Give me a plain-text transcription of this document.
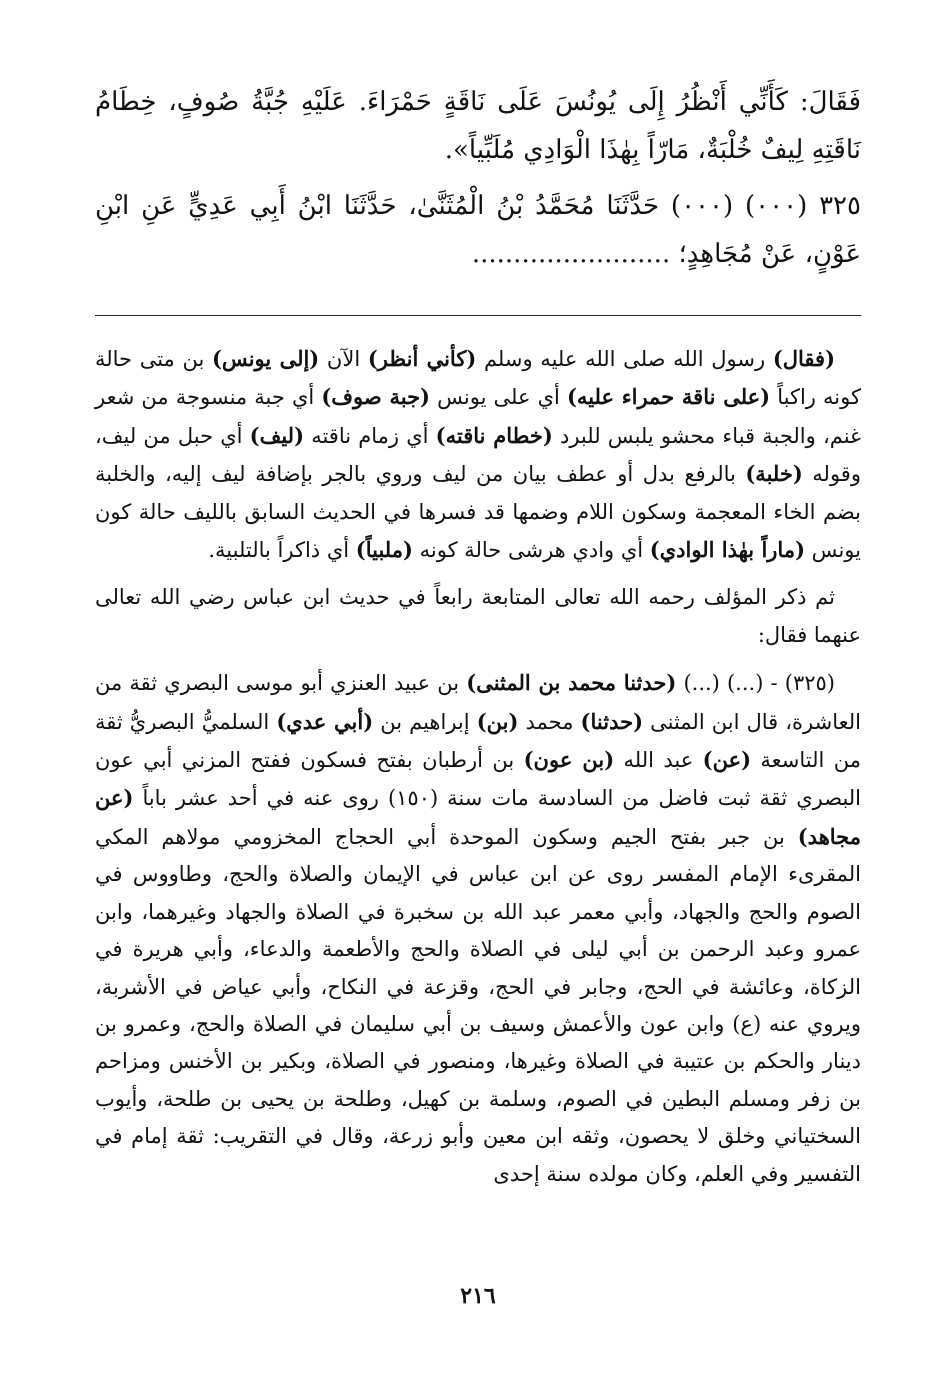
فَقَالَ: كَأَنِّي أَنْظُرُ إِلَى يُونُسَ عَلَى نَاقَةٍ حَمْرَاءَ. عَلَيْهِ جُبَّةُ صُوفٍ، خِطَامُ نَاقَتِهِ لِيفٌ خُلْبَةٌ، مَارّاً بِهٰذَا الْوَادِي مُلَبِّياً».

٣٢٥ (٠٠٠) (٠٠٠) حَدَّثَنَا مُحَمَّدُ بْنُ الْمُثَنَّىٰ، حَدَّثَنَا ابْنُ أَبِي عَدِيٍّ عَنِ ابْنِ عَوْنٍ، عَنْ مُجَاهِدٍ؛ ........................

(فقال) رسول الله صلى الله عليه وسلم (كأني أنظر) الآن (إلى يونس) بن متى حالة كونه راكباً (على ناقة حمراء عليه) أي على يونس (جبة صوف) أي جبة منسوجة من شعر غنم، والجبة قباء محشو يلبس للبرد (خطام ناقته) أي زمام ناقته (ليف) أي حبل من ليف، وقوله (خلبة) بالرفع بدل أو عطف بيان من ليف وروي بالجر بإضافة ليف إليه، والخلبة بضم الخاء المعجمة وسكون اللام وضمها قد فسرها في الحديث السابق بالليف حالة كون يونس (ماراً بهٰذا الوادي) أي وادي هرشى حالة كونه (ملبياً) أي ذاكراً بالتلبية.

ثم ذكر المؤلف رحمه الله تعالى المتابعة رابعاً في حديث ابن عباس رضي الله تعالى عنهما فقال:

(٣٢٥) - (...) (...) (حدثنا محمد بن المثنى) بن عبيد العنزي أبو موسى البصري ثقة من العاشرة، قال ابن المثنى (حدثنا) محمد (بن) إبراهيم بن (أبي عدي) السلميُّ البصريُّ ثقة من التاسعة (عن) عبد الله (بن عون) بن أرطبان بفتح فسكون ففتح المزني أبي عون البصري ثقة ثبت فاضل من السادسة مات سنة (١٥٠) روى عنه في أحد عشر باباً (عن مجاهد) بن جبر بفتح الجيم وسكون الموحدة أبي الحجاج المخزومي مولاهم المكي المقرىء الإمام المفسر روى عن ابن عباس في الإيمان والصلاة والحج، وطاووس في الصوم والحج والجهاد، وأبي معمر عبد الله بن سخبرة في الصلاة والجهاد وغيرهما، وابن عمرو وعبد الرحمن بن أبي ليلى في الصلاة والحج والأطعمة والدعاء، وأبي هريرة في الزكاة، وعائشة في الحج، وجابر في الحج، وقزعة في النكاح، وأبي عياض في الأشربة، ويروي عنه (ع) وابن عون والأعمش وسيف بن أبي سليمان في الصلاة والحج، وعمرو بن دينار والحكم بن عتيبة في الصلاة وغيرها، ومنصور في الصلاة، وبكير بن الأخنس ومزاحم بن زفر ومسلم البطين في الصوم، وسلمة بن كهيل، وطلحة بن يحيى بن طلحة، وأيوب السختياني وخلق لا يحصون، وثقه ابن معين وأبو زرعة، وقال في التقريب: ثقة إمام في التفسير وفي العلم، وكان مولده سنة إحدى

٢١٦
